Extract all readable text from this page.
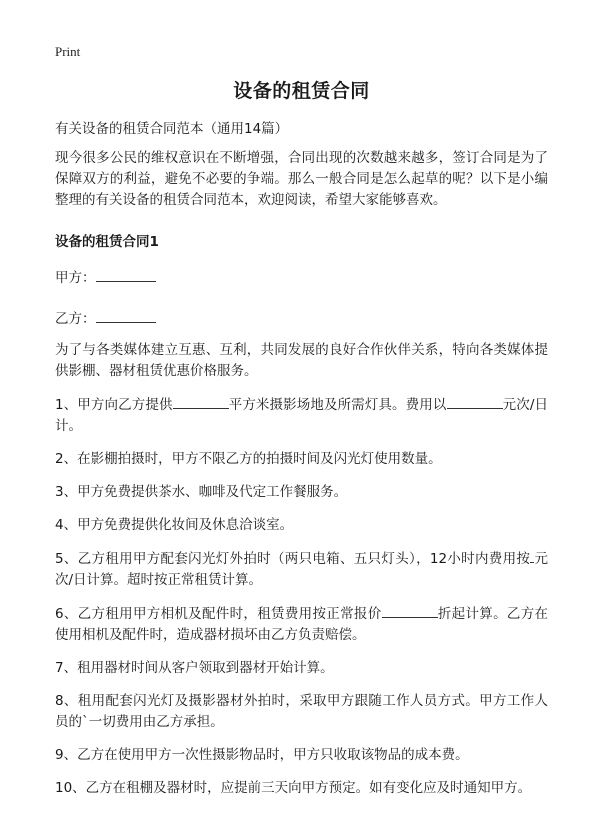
Print
设备的租赁合同
有关设备的租赁合同范本（通用14篇）

现今很多公民的维权意识在不断增强，合同出现的次数越来越多，签订合同是为了保障双方的利益，避免不必要的争端。那么一般合同是怎么起草的呢？以下是小编整理的有关设备的租赁合同范本，欢迎阅读，希望大家能够喜欢。

设备的租赁合同1
甲方：
乙方：

为了与各类媒体建立互惠、互利，共同发展的良好合作伙伴关系，特向各类媒体提供影棚、器材租赁优惠价格服务。

1、甲方向乙方提供	平方米摄影场地及所需灯具。费用以	元次/日计。

2、在影棚拍摄时，甲方不限乙方的拍摄时间及闪光灯使用数量。

3、甲方免费提供茶水、咖啡及代定工作餐服务。

4、甲方免费提供化妆间及休息洽谈室。

5、乙方租用甲方配套闪光灯外拍时（两只电箱、五只灯头），12小时内费用按 元次/日计算。超时按正常租赁计算。

6、乙方租用甲方相机及配件时，租赁费用按正常报价	折起计算。乙方在使用相机及配件时，造成器材损坏由乙方负责赔偿。

7、租用器材时间从客户领取到器材开始计算。

8、租用配套闪光灯及摄影器材外拍时，采取甲方跟随工作人员方式。甲方工作人员的`一切费用由乙方承担。

9、乙方在使用甲方一次性摄影物品时，甲方只收取该物品的成本费。

10、乙方在租棚及器材时，应提前三天向甲方预定。如有变化应及时通知甲方。
